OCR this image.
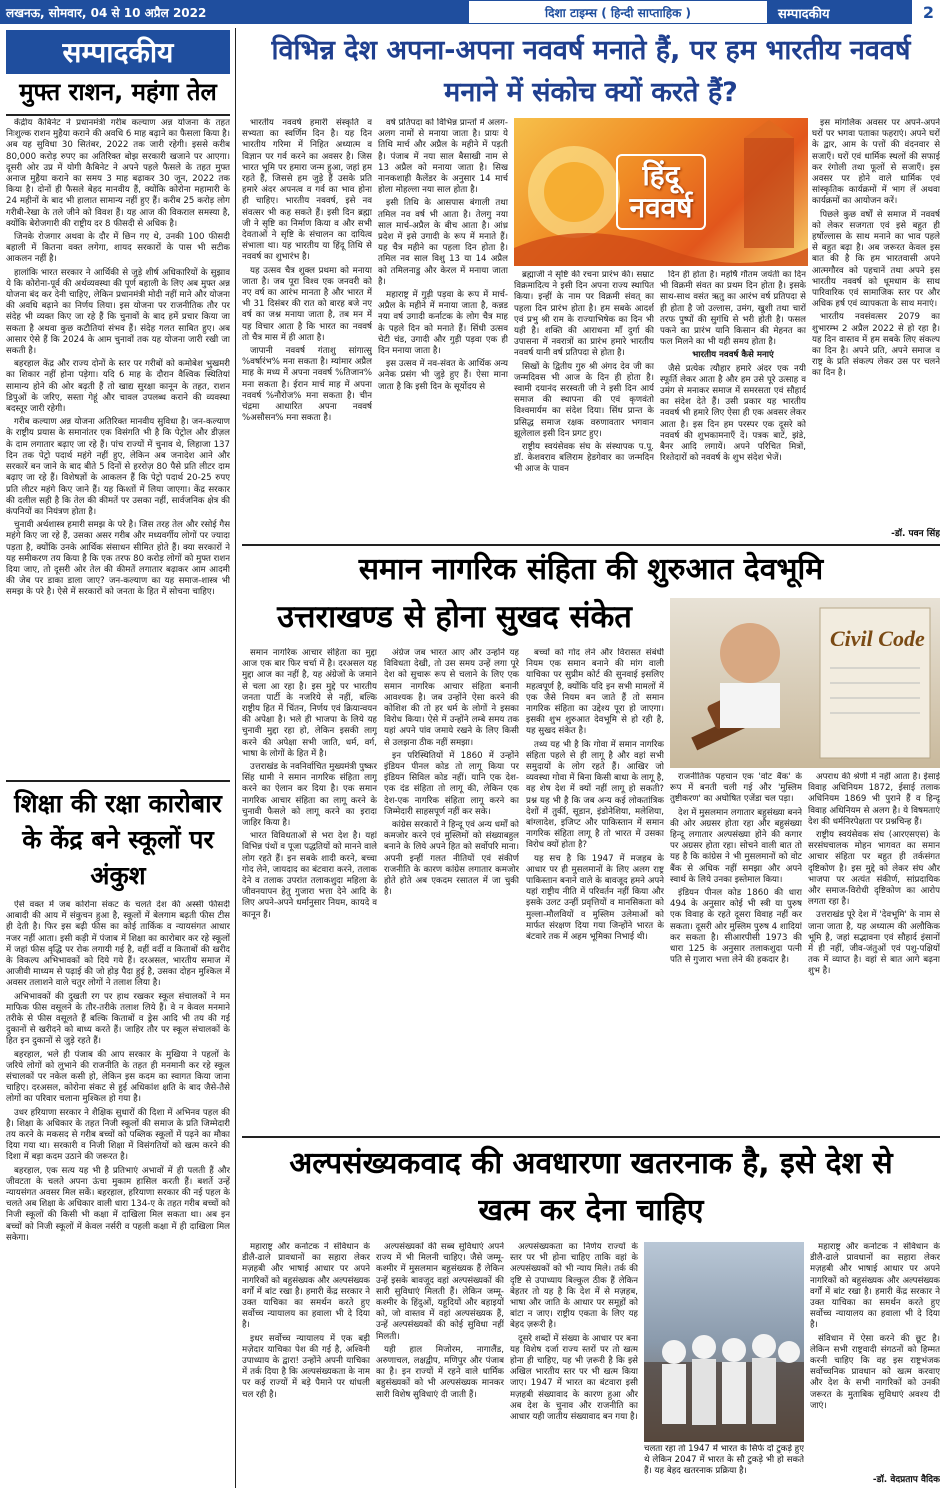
लखनऊ, सोमवार, 04 से 10 अप्रैल 2022	दिशा टाइम्स ( हिन्दी साप्ताहिक )	सम्पादकीय	2
सम्पादकीय
मुफ्त राशन, महंगा तेल

केंद्रीय कैबिनेट ने प्रधानमंत्री गरीब कल्याण अन्न योजना के तहत निःशुल्क राशन मुहैया कराने की अवधि 6 माह बढ़ाने का फैसला किया है। अब यह सुविधा 30 सितंबर, 2022 तक जारी रहेगी। इससे करीब 80,000 करोड़ रुपए का अतिरिक्त बोझ सरकारी खजाने पर आएगा। दूसरी ओर उप्र में योगी कैबिनेट ने अपने पहले फैसले के तहत मुफ्त अनाज मुहैया कराने का समय 3 माह बढ़ाकर 30 जून, 2022 तक किया है। दोनों ही फैसले बेहद मानवीय हैं, क्योंकि कोरोना महामारी के 24 महीनों के बाद भी हालात सामान्य नहीं हुए हैं। करीब 25 करोड़ लोग गरीबी-रेखा के तले जीने को विवश हैं। यह आज की विकराल समस्या है, क्योंकि बेरोजगारी की राष्ट्रीय दर 8 फीसदी से अधिक है।

जिनके रोजगार अथवा के दौर में छिन गए थे, उनकी 100 फीसदी बहाली में कितना वक्त लगेगा, शायद सरकारों के पास भी सटीक आकलन नहीं है।

हालांकि भारत सरकार ने आर्थिकी से जुड़े शीर्ष अधिकारियों के सुझाव ये कि कोरोना-पूर्व की अर्थव्यवस्था की पूर्ण बहाली के लिए अब मुफ्त अन्न योजना बंद कर देनी चाहिए, लेकिन प्रधानमंत्री मोदी नहीं माने और योजना की अवधि बढ़ाने का निर्णय लिया। इस योजना पर राजनीतिक तौर पर संदेह भी व्यक्त किए जा रहे हैं कि चुनावों के बाद हमें प्रचार किया जा सकता है अथवा कुछ कटौतियां संभव हैं। संदेह गलत साबित हुए। अब आसार ऐसे हैं कि 2024 के आम चुनावों तक यह योजना जारी रखी जा सकती है।

बहरहाल केंद्र और राज्य दोनों के स्तर पर गरीबों को कमोबेश भुखमरी का शिकार नहीं होना पड़ेगा। यदि 6 माह के दौरान वैश्विक स्थितियां सामान्य होने की ओर बढ़ती हैं तो खाद्य सुरक्षा कानून के तहत, राशन डिपुओं के जरिए, सस्ता गेहूं और चावल उपलब्ध कराने की व्यवस्था बदस्तूर जारी रहेगी।

गरीब कल्याण अन्न योजना अतिरिक्त मानवीय सुविधा है। जन-कल्याण के राष्ट्रीय प्रयास के समानांतर एक विसंगति भी है कि पेट्रोल और डीज़ल के दाम लगातार बढ़ाए जा रहे हैं। पांच राज्यों में चुनाव थे, लिहाजा 137 दिन तक पेट्रो पदार्थ महंगे नहीं हुए, लेकिन अब जनादेश आने और सरकारें बन जाने के बाद बीते 5 दिनों से हररोज़ 80 पैसे प्रति लीटर दाम बढ़ाए जा रहे हैं। विशेषज्ञों के आकलन हैं कि पेट्रो पदार्थ 20-25 रुपए प्रति लीटर महंगे किए जाने हैं। यह किश्तों में लिया जाएगा। केंद्र सरकार की दलील सही है कि तेल की कीमतें पर उसका नहीं, सार्वजनिक क्षेत्र की कंपनियों का नियंत्रण होता है।

चुनावी अर्थशास्त्र हमारी समझ के परे है। जिस तरह तेल और रसोई गैस महंगे किए जा रहे हैं, उसका असर गरीब और मध्यवर्गीय लोगों पर ज्यादा पड़ता है, क्योंकि उनके आर्थिक संसाधन सीमित होते हैं। क्या सरकारों ने यह समीकरण तय किया है कि एक तरफ 80 करोड़ लोगों को मुफ्त राशन दिया जाए, तो दूसरी ओर तेल की कीमतें लगातार बढ़ाकर आम आदमी की जेब पर डाका डाला जाए? जन-कल्याण का यह समाज-शास्त्र भी समझ के परे है। ऐसे में सरकारों को जनता के हित में सोचना चाहिए।

शिक्षा की रक्षा कारोबार के केंद्र बने स्कूलों पर अंकुश

ऐसे वक्त में जब कोरोना संकट के चलते देश की अस्सी फीसदी आबादी की आय में संकुचन हुआ है, स्कूलों में बेलगाम बढ़ती फीस टीस ही देती है। फिर इस बढ़ी फीस का कोई तार्किक व न्यायसंगत आधार नजर नहीं आता। इसी कड़ी में पंजाब में शिक्षा का कारोबार कर रहे स्कूलों में जहां फीस वृद्धि पर रोक लगायी गई है, वहीं वर्दी व किताबों की खरीद के विकल्प अभिभावकों को दिये गये हैं। दरअसल, भारतीय समाज में आजीवी माध्यम से पढ़ाई की जो होड़ पैदा हुई है, उसका दोहन मुश्किल में अवसर तलाशने वाले चतुर लोगों ने तलाश लिया है।

अभिभावकों की दुखती रग पर हाथ रखकर स्कूल संचालकों ने मन माफिक फीस वसूलने के तौर-तरीके तलाश लिये हैं। वे न केवल मनमाने तरीके से फीस वसूलते हैं बल्कि किताबों व ड्रेस आदि भी तय की गई दुकानों से खरीदने को बाध्य करते हैं। जाहिर तौर पर स्कूल संचालकों के हित इन दुकानों से जुड़े रहते हैं।

बहरहाल, भले ही पंजाब की आप सरकार के मुखिया ने पहलों के जरिये लोगों को लुभाने की राजनीति के तहत ही मनमानी कर रहे स्कूल संचालकों पर नकेल कसी हो, लेकिन इस कदम का स्वागत किया जाना चाहिए। दरअसल, कोरोना संकट से हुई अधिकांश क्षति के बाद जैसे-तैसे लोगों का परिवार चलाना मुश्किल हो गया है।

उधर हरियाणा सरकार ने शैक्षिक सुधारों की दिशा में अभिनव पहल की है। शिक्षा के अधिकार के तहत निजी स्कूलों की समाज के प्रति जिम्मेदारी तय करने के मकसद से गरीब बच्चों को पब्लिक स्कूलों में पढ़ने का मौका दिया गया था। सरकारी व निजी शिक्षा में विसंगतियों को खत्म करने की दिशा में बड़ा कदम उठाने की जरूरत है।

बहरहाल, एक सत्य यह भी है प्रतिभाएं अभावों में ही पलती हैं और जीवटता के चलते अपना ऊंचा मुकाम हासिल करती हैं। बशर्ते उन्हें न्यायसंगत अवसर मिल सकें। बहरहाल, हरियाणा सरकार की नई पहल के चलते अब शिक्षा के अधिकार वाली धारा 134-ए के तहत गरीब बच्चों को निजी स्कूलों की किसी भी कक्षा में दाखिला मिल सकता था। अब इन बच्चों को निजी स्कूलों में केवल नर्सरी व पहली कक्षा में ही दाखिला मिल सकेगा।

विभिन्न देश अपना-अपना नववर्ष मनाते हैं, पर हम भारतीय नववर्ष मनाने में संकोच क्यों करते हैं?

भारतीय नववर्ष हमारी संस्कृति व सभ्यता का स्वर्णिम दिन है। यह दिन भारतीय गरिमा में निहित अध्यात्म व विज्ञान पर गर्व करने का अवसर है। जिस भारत भूमि पर हमारा जन्म हुआ, जहां हम रहते हैं, जिससे हम जुड़े हैं उसके प्रति हमारे अंदर अपनत्व व गर्व का भाव होना ही चाहिए। भारतीय नववर्ष, इसे नव संवत्सर भी कह सकते हैं। इसी दिन ब्रह्मा जी ने सृष्टि का निर्माण किया व और सभी देवताओं ने सृष्टि के संचालन का दायित्व संभाला था। यह भारतीय या हिंदू तिथि से नववर्ष का शुभारंभ है।

यह उत्सव चैत्र शुक्ल प्रथमा को मनाया जाता है। जब पूरा विश्व एक जनवरी को नए वर्ष का आरंभ मानता है और भारत में भी 31 दिसंबर की रात को बारह बजे नए वर्ष का जश्न मनाया जाता है, तब मन में यह विचार आता है कि भारत का नववर्ष तो चैत्र मास में ही आता है।

जापानी नववर्ष गंताशु सांगात्सु %वर्षारंभ% मना सकता है। म्यांमार अप्रैल माह के मध्य में अपना नववर्ष %तिजान% मना सकता है। ईरान मार्च माह में अपना नववर्ष %नौरोज% मना सकता है। चीन चंद्रमा आधारित अपना नववर्ष %असौसन% मना सकता है।

वर्ष प्रतिपदा को विभिन्न प्रान्तों में अलग-अलग नामों से मनाया जाता है। प्रायः ये तिथि मार्च और अप्रैल के महीने में पड़ती है। पंजाब में नया साल बैसाखी नाम से 13 अप्रैल को मनाया जाता है। सिख नानकशाही कैलेंडर के अनुसार 14 मार्च होला मोहल्ला नया साल होता है।

इसी तिथि के आसपास बंगाली तथा तमिल नव वर्ष भी आता है। तेलगु नया साल मार्च-अप्रैल के बीच आता है। आंध्र प्रदेश में इसे उगादी के रूप में मनाते हैं। यह चैत्र महीने का पहला दिन होता है। तमिल नव साल विशु 13 या 14 अप्रैल को तमिलनाडु और केरल में मनाया जाता है।

महाराष्ट्र में गुड़ी पड़वा के रूप में मार्च-अप्रैल के महीने में मनाया जाता है, कन्नड नया वर्ष उगादी कर्नाटक के लोग चैत्र माह के पहले दिन को मनाते हैं। सिंधी उत्सव चेटी चंड, उगादी और गुड़ी पड़वा एक ही दिन मनाया जाता है।

इस उत्सव में नव-संवत के आर्थिक अन्य अनेक प्रसंग भी जुड़े हुए हैं। ऐसा माना जाता है कि इसी दिन के सूर्योदय से

हिंदू नववर्ष

ब्रह्माजी ने सृष्टि की रचना प्रारंभ की। सम्राट विक्रमादित्य ने इसी दिन अपना राज्य स्थापित किया। इन्हीं के नाम पर विक्रमी संवत् का पहला दिन प्रारंभ होता है। हम सबके आदर्श एवं प्रभु श्री राम के राज्याभिषेक का दिन भी यही है। शक्ति की आराधना माँ दुर्गा की उपासना में नवरात्रों का प्रारंभ हमारे भारतीय नववर्ष यानी वर्ष प्रतिपदा से होता है।

सिखों के द्वितीय गुरु श्री अंगद देव जी का जन्मदिवस भी आज के दिन ही होता है। स्वामी दयानंद सरस्वती जी ने इसी दिन आर्य समाज की स्थापना की एवं कृणवंतो विश्वमार्यम का संदेश दिया। सिंध प्रान्त के प्रसिद्ध समाज रक्षक वरुणावतार भगवान झूलेलाल इसी दिन प्रगट हुए।

राष्ट्रीय स्वयंसेवक संघ के संस्थापक प.पू. डॉ. केशवराव बलिराम हेडगेवार का जन्मदिन भी आज के पावन

दिन ही होता है। महर्षि गौतम जयंती का दिन भी विक्रमी संवत का प्रथम दिन होता है। इसके साथ-साथ वसंत ऋतु का आरंभ वर्ष प्रतिपदा से ही होता है जो उल्लास, उमंग, खुशी तथा चारों तरफ पुष्पों की सुगंधि से भरी होती है। फसल पकने का प्रारंभ यानि किसान की मेहनत का फल मिलने का भी यही समय होता है।

भारतीय नववर्ष कैसे मनाएं

जैसे प्रत्येक त्यौहार हमारे अंदर एक नयी स्फूर्ति लेकर आता है और हम उसे पूरे उत्साह व उमंग से मनाकर समाज में समरसता एवं सौहार्द का संदेश देते हैं। उसी प्रकार यह भारतीय नववर्ष भी हमारे लिए ऐसा ही एक अवसर लेकर आता है। इस दिन हम परस्पर एक दूसरे को नववर्ष की शुभकामनाएँ दें। पत्रक बाटें, झंडे, बैनर आदि लगायें। अपने परिचित मित्रों, रिश्तेदारों को नववर्ष के शुभ संदेश भेजें।

इस मांगलिक अवसर पर अपने-अपने घरों पर भगवा पताका फहराएं। अपने घरों के द्वार, आम के पत्तों की वंदनवार से सजाएँ। घरों एवं धार्मिक स्थलों की सफाई कर रंगोली तथा फूलों से सजाएँ। इस अवसर पर होने वाले धार्मिक एवं सांस्कृतिक कार्यक्रमों में भाग लें अथवा कार्यक्रमों का आयोजन करें।

पिछले कुछ वर्षों से समाज में नववर्ष को लेकर सजगता एवं इसे बहुत ही हर्षोल्लास के साथ मनाने का भाव पहले से बहुत बढ़ा है। अब जरूरत केवल इस बात की है कि हम भारतवासी अपने आत्मगौरव को पहचानें तथा अपने इस भारतीय नववर्ष को धूमधाम के साथ पारिवारिक एवं सामाजिक स्तर पर और अधिक हर्ष एवं व्यापकता के साथ मनाएं।

भारतीय नवसंवत्सर 2079 का शुभारम्भ 2 अप्रैल 2022 से हो रहा है। यह दिन वास्तव में हम सबके लिए संकल्प का दिन है। अपने प्रति, अपने समाज व राष्ट्र के प्रति संकल्प लेकर उस पर चलने का दिन है।

-डॉ. पवन सिंह
समान नागरिक संहिता की शुरुआत देवभूमि
उत्तराखण्ड से होना सुखद संकेत
Civil Code

समान नागरिक आचार संहिता का मुद्दा आज एक बार फिर चर्चा में है। दरअसल यह मुद्दा आज का नहीं है, यह अंग्रेजों के जमाने से चला आ रहा है। इस मुद्दे पर भारतीय जनता पार्टी के नजरिये से नहीं, बल्कि राष्ट्रीय हित में चिंतन, निर्णय एवं क्रियान्वयन की अपेक्षा है। भले ही भाजपा के लिये यह चुनावी मुद्दा रहा हो, लेकिन इसकी लागू करने की अपेक्षा सभी जाति, धर्म, वर्ग, भाषा के लोगों के हित में है।

उत्तराखंड के नवनिर्वाचित मुख्यमंत्री पुष्कर सिंह धामी ने समान नागरिक संहिता लागू करने का ऐलान कर दिया है। एक समान नागरिक आचार संहिता का लागू करने के चुनावी फैसले को लागू करने का इरादा जाहिर किया है।

भारत विविधताओं से भरा देश है। यहां विभिन्न पंथों व पूजा पद्धतियों को मानने वाले लोग रहते हैं। इन सबके शादी करने, बच्चा गोद लेने, जायदाद का बंटवारा करने, तलाक देने व तलाक उपरांत तलाकशुदा महिला के जीवनयापन हेतु गुजारा भत्ता देने आदि के लिए अपने-अपने धर्मानुसार नियम, कायदे व कानून हैं।

अंग्रेज जब भारत आए और उन्होंने यह विविधता देखी, तो उस समय उन्हें लगा पूरे देश को सुचारू रूप से चलाने के लिए एक समान नागरिक आचार संहिता बनानी आवश्यक है। जब उन्होंने ऐसा करने की कोशिश की तो हर धर्म के लोगों ने इसका विरोध किया। ऐसे में उन्होंने लम्बे समय तक यहां अपने पांव जमाये रखने के लिए किसी से उलझना ठीक नहीं समझा।

इन परिस्थितियों में 1860 में उन्होंने इंडियन पीनल कोड तो लागू किया पर इंडियन सिविल कोड नहीं। यानि एक देश-एक दंड संहिता तो लागू की, लेकिन एक देश-एक नागरिक संहिता लागू करने का जिम्मेदारी साहसपूर्ण नहीं कर सके।

कांग्रेस सरकारों ने हिन्दू एवं अन्य धर्मों को कमजोर करने एवं मुस्लिमों को संख्याबहुल बनाने के लिये अपने हित को सर्वोपरि माना। अपनी इन्हीं गलत नीतियों एवं संकीर्ण राजनीति के कारण कांग्रेस लगातार कमजोर होते होते अब एकदम रसातल में जा चुकी है।

बच्चों को गोद लेने और विरासत संबंधी नियम एक समान बनाने की मांग वाली याचिका पर सुप्रीम कोर्ट की सुनवाई इसलिए महत्वपूर्ण है, क्योंकि यदि इन सभी मामलों में एक जैसे नियम बन जाते हैं तो समान नागरिक संहिता का उद्देश्य पूरा हो जाएगा। इसकी शुभ शुरुआत देवभूमि से हो रही है, यह सुखद संकेत है।

तथ्य यह भी है कि गोवा में समान नागरिक संहिता पहले से ही लागू है और वहां सभी समुदायों के लोग रहते हैं। आखिर जो व्यवस्था गोवा में बिना किसी बाधा के लागू है, वह शेष देश में क्यों नहीं लागू हो सकती? प्रश्न यह भी है कि जब अन्य कई लोकतांत्रिक देशों में तुर्की, सूडान, इंडोनेशिया, मलेशिया, बांग्लादेश, इजिप्ट और पाकिस्तान में समान नागरिक संहिता लागू है तो भारत में उसका विरोध क्यों होता है?

यह सच है कि 1947 में मजहब के आधार पर ही मुसलमानों के लिए अलग राष्ट्र पाकिस्तान बनाने वाले के बावजूद हमने अपने यहां राष्ट्रीय नीति में परिवर्तन नहीं किया और इसके उलट उन्हीं प्रवृत्तियों व मानसिकता को मुल्ला-मौलवियों व मुस्लिम उलेमाओं को मार्फत संरक्षण दिया गया जिन्होंने भारत के बंटवारे तक में अहम भूमिका निभाई थी।

राजनीतिक पहचान एक 'वोट बैंक' के रूप में बनती चली गई और 'मुस्लिम तुष्टीकरण' का अघोषित एजेंडा चल पड़ा।

देश में मुसलमान लगातार बहुसंख्या बनने की ओर अग्रसर होता रहा और बहुसंख्या हिन्दू लगातार अल्पसंख्या होने की कगार पर अग्रसर होता रहा। सोचने वाली बात तो यह है कि कांग्रेस ने भी मुसलमानों को वोट बैंक से अधिक नहीं समझा और अपने स्वार्थ के लिये उनका इस्तेमाल किया।

इंडियन पीनल कोड 1860 की धारा 494 के अनुसार कोई भी स्त्री या पुरुष एक विवाह के रहते दूसरा विवाह नहीं कर सकता। दूसरी ओर मुस्लिम पुरुष 4 शादियां कर सकता है। सीआरपीसी 1973 की धारा 125 के अनुसार तलाकशुदा पत्नी पति से गुजारा भत्ता लेने की हकदार है।

अपराध की श्रेणी में नहीं आता है। ईसाई विवाह अधिनियम 1872, ईसाई तलाक अधिनियम 1869 भी पुराने हैं व हिन्दू विवाह अधिनियम से अलग है। ये विषमताएं देश की धर्मनिरपेक्षता पर प्रश्नचिन्ह हैं।

राष्ट्रीय स्वयंसेवक संघ (आरएसएस) के सरसंघचालक मोहन भागवत का समान आचार संहिता पर बहुत ही तर्कसंगत दृष्टिकोण है। इस मुद्दे को लेकर संघ और भाजपा पर अत्यंत संकीर्ण, सांप्रदायिक और समाज-विरोधी दृष्टिकोण का आरोप लगता रहा है।

उत्तराखंड पूरे देश में 'देवभूमि' के नाम से जाना जाता है, यह अध्यात्म की अलौकिक भूमि है, जहां सद्भावना एवं सौहार्द इंसानों में ही नहीं, जीव-जंतुओं एवं पशु-पक्षियों तक में व्याप्त है। वहां से बात आगे बढ़ना शुभ है।

अल्पसंख्यकवाद की अवधारणा खतरनाक है, इसे देश से
खत्म कर देना चाहिए

महाराष्ट्र और कर्नाटक ने संविधान के डीलै-ढाले प्रावधानों का सहारा लेकर मज़हबी और भाषाई आधार पर अपने नागरिकों को बहुसंख्यक और अल्पसंख्यक वर्गों में बांट रखा है। हमारी केंद्र सरकार ने उक्त याचिका का समर्थन करते हुए सर्वोच्च न्यायालय का हवाला भी दे दिया है।

इधर सर्वोच्च न्यायालय में एक बड़ी मज़ेदार याचिका पेश की गई है, अश्विनी उपाध्याय के द्वारा! उन्होंने अपनी याचिका में तर्क दिया है कि अल्पसंख्यकता के नाम पर कई राज्यों में बड़े पैमाने पर धांधली चल रही है।

अल्पसंख्यकों की सब्ब सुविधाएं अपने राज्य में भी मिलनी चाहिए। जैसे जम्मू-कश्मीर में मुसलमान बहुसंख्यक हैं लेकिन उन्हें इसके बावजूद वहां अल्पसंख्यकों की सारी सुविधाएं मिलती हैं। लेकिन जम्मू-कश्मीर के हिंदुओं, यहूदियों और बहाइयों को, जो वास्तव में वहां अल्पसंख्यक हैं, उन्हें अल्पसंख्यकों की कोई सुविधा नहीं मिलती।

यही हाल मिजोरम, नागालैंड, अरुणाचल, लक्षद्वीप, मणिपुर और पंजाब का है। इन राज्यों में रहने वाले धार्मिक बहुसंख्यकों को भी अल्पसंख्यक मानकर सारी विशेष सुविधाएं दी जाती हैं।

अल्पसंख्यकता का निर्णय राज्यों के स्तर पर भी होना चाहिए ताकि वहां के अल्पसंख्यकों को भी न्याय मिले। तर्क की दृष्टि से उपाध्याय बिल्कुल ठीक हैं लेकिन बेहतर तो यह है कि देश में से मज़हब, भाषा और जाति के आधार पर समूहों को बांटा न जाए। राष्ट्रीय एकता के लिए यह बेहद ज़रूरी है।

दूसरे शब्दों में संख्या के आधार पर बना यह विशेष दर्जा राज्य स्तरों पर तो खत्म होना ही चाहिए, यह भी ज़रूरी है कि इसे अखिल भारतीय स्तर पर भी खत्म किया जाए। 1947 में भारत का बंटवारा इसी मज़हबी संख्यावाद के कारण हुआ और अब देश के चुनाव और राजनीति का आधार यही जातीय संख्यावाद बन गया है।

चलता रहा तो 1947 में भारत के सिर्फ दो टुकड़े हुए थे लेकिन 2047 में भारत के सौ टुकड़े भी हो सकते हैं। यह बेहद खतरनाक प्रक्रिया है।

महाराष्ट्र और कर्नाटक ने संविधान के डीलै-ढाले प्रावधानों का सहारा लेकर मज़हबी और भाषाई आधार पर अपने नागरिकों को बहुसंख्यक और अल्पसंख्यक वर्गों में बांट रखा है। हमारी केंद्र सरकार ने उक्त याचिका का समर्थन करते हुए सर्वोच्च न्यायालय का हवाला भी दे दिया है।

संविधान में ऐसा करने की छूट है। लेकिन सभी राष्ट्रवादी संगठनों को हिम्मत करनी चाहिए कि वह इस राष्ट्रभंजक सर्वोच्चनिक प्रावधान को खत्म करवाए और देश के सभी नागरिकों को उनकी जरूरत के मुताबिक सुविधाएं अवश्य दी जाएं।

-डॉ. वेदप्रताप वैदिक
